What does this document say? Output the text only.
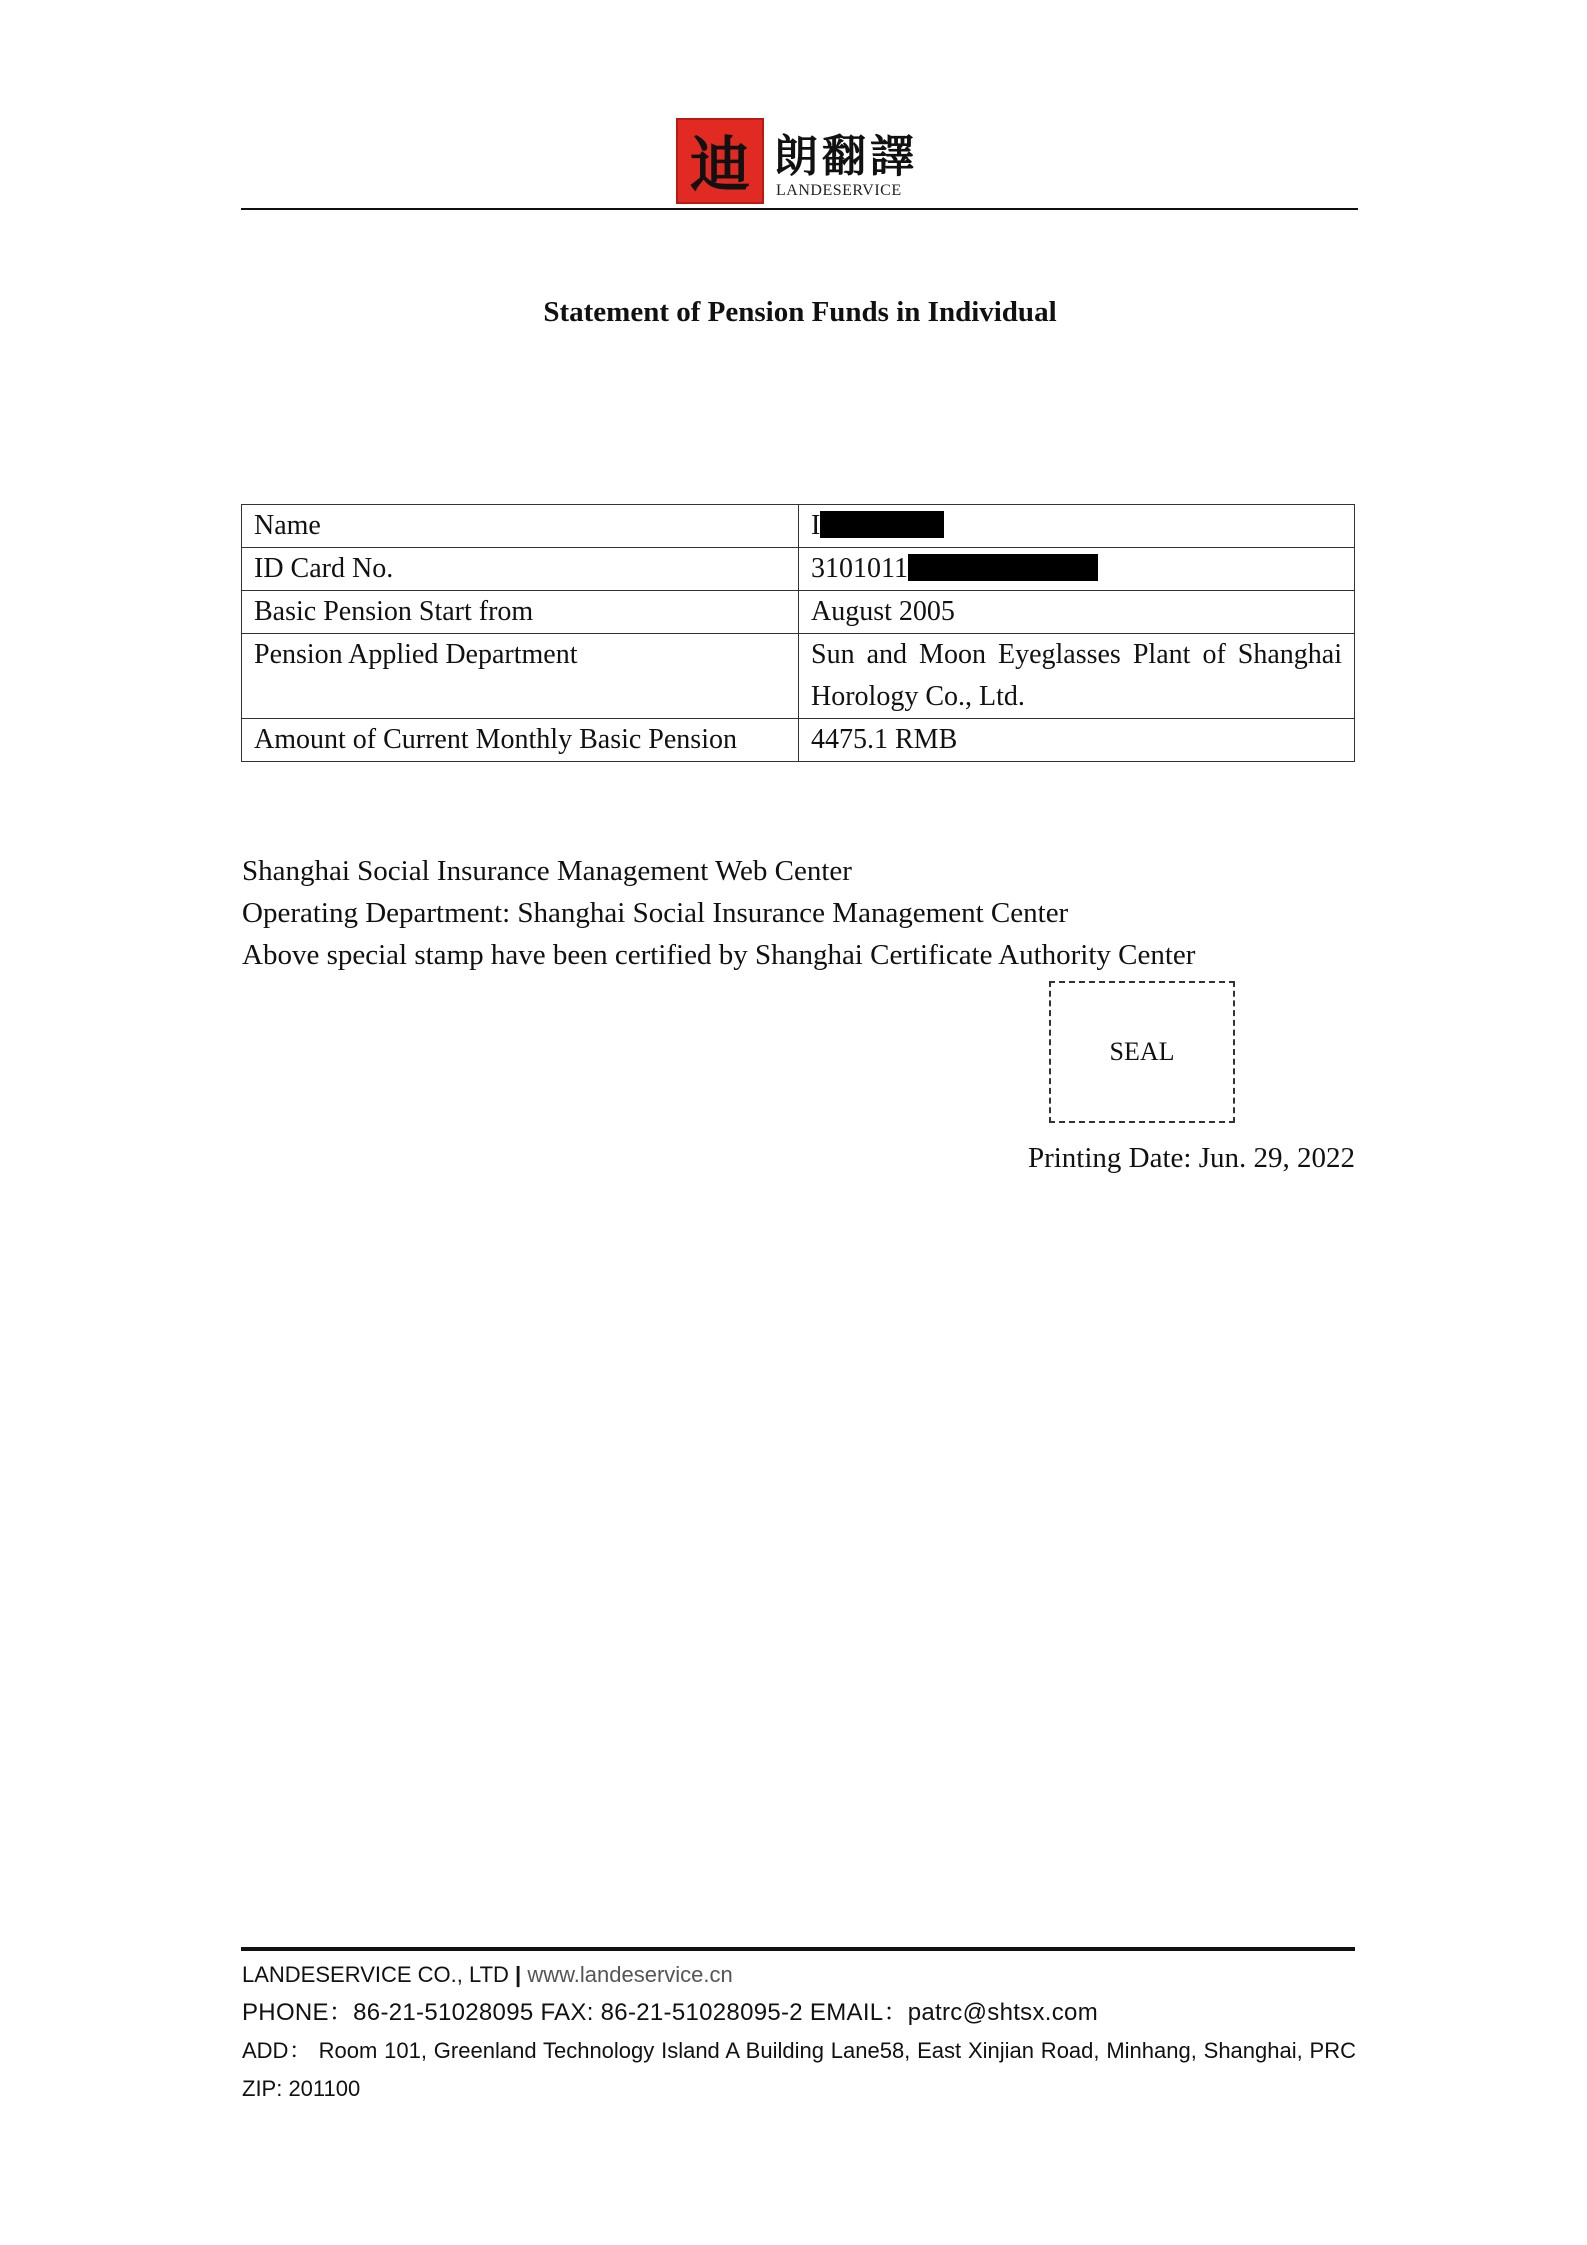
迪 朗翻譯
LANDESERVICE
Statement of Pension Funds in Individual
Name	I
ID Card No.	3101011
Basic Pension Start from	August 2005
Pension Applied Department	Sun and Moon Eyeglasses Plant of Shanghai Horology Co., Ltd.
Amount of Current Monthly Basic Pension	4475.1 RMB
Shanghai Social Insurance Management Web Center
Operating Department: Shanghai Social Insurance Management Center
Above special stamp have been certified by Shanghai Certificate Authority Center
SEAL
Printing Date: Jun. 29, 2022
LANDESERVICE CO., LTD | www.landeservice.cn
PHONE：86-21-51028095 FAX: 86-21-51028095-2 EMAIL：patrc@shtsx.com
ADD： Room 101, Greenland Technology Island A Building Lane58, East Xinjian Road, Minhang, Shanghai, PRC ZIP: 201100
